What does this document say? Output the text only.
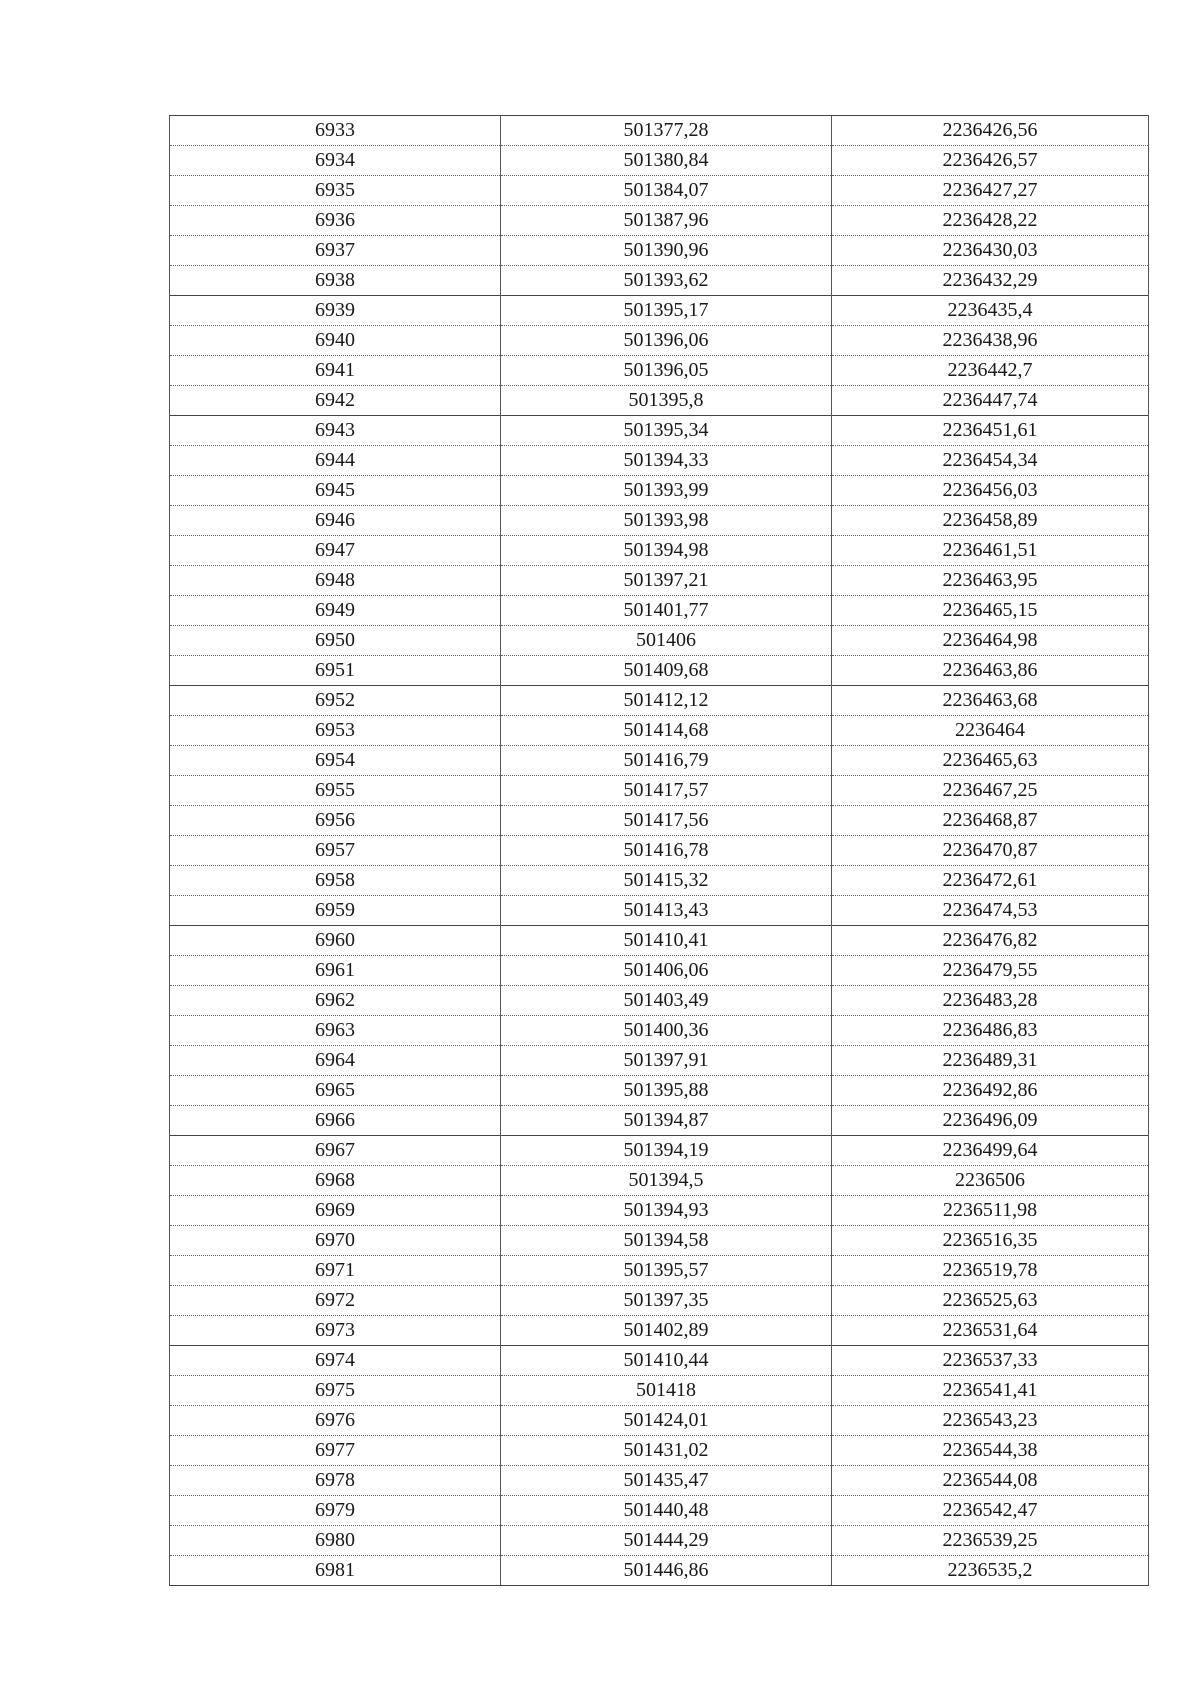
6933	501377,28	2236426,56
6934	501380,84	2236426,57
6935	501384,07	2236427,27
6936	501387,96	2236428,22
6937	501390,96	2236430,03
6938	501393,62	2236432,29
6939	501395,17	2236435,4
6940	501396,06	2236438,96
6941	501396,05	2236442,7
6942	501395,8	2236447,74
6943	501395,34	2236451,61
6944	501394,33	2236454,34
6945	501393,99	2236456,03
6946	501393,98	2236458,89
6947	501394,98	2236461,51
6948	501397,21	2236463,95
6949	501401,77	2236465,15
6950	501406	2236464,98
6951	501409,68	2236463,86
6952	501412,12	2236463,68
6953	501414,68	2236464
6954	501416,79	2236465,63
6955	501417,57	2236467,25
6956	501417,56	2236468,87
6957	501416,78	2236470,87
6958	501415,32	2236472,61
6959	501413,43	2236474,53
6960	501410,41	2236476,82
6961	501406,06	2236479,55
6962	501403,49	2236483,28
6963	501400,36	2236486,83
6964	501397,91	2236489,31
6965	501395,88	2236492,86
6966	501394,87	2236496,09
6967	501394,19	2236499,64
6968	501394,5	2236506
6969	501394,93	2236511,98
6970	501394,58	2236516,35
6971	501395,57	2236519,78
6972	501397,35	2236525,63
6973	501402,89	2236531,64
6974	501410,44	2236537,33
6975	501418	2236541,41
6976	501424,01	2236543,23
6977	501431,02	2236544,38
6978	501435,47	2236544,08
6979	501440,48	2236542,47
6980	501444,29	2236539,25
6981	501446,86	2236535,2
